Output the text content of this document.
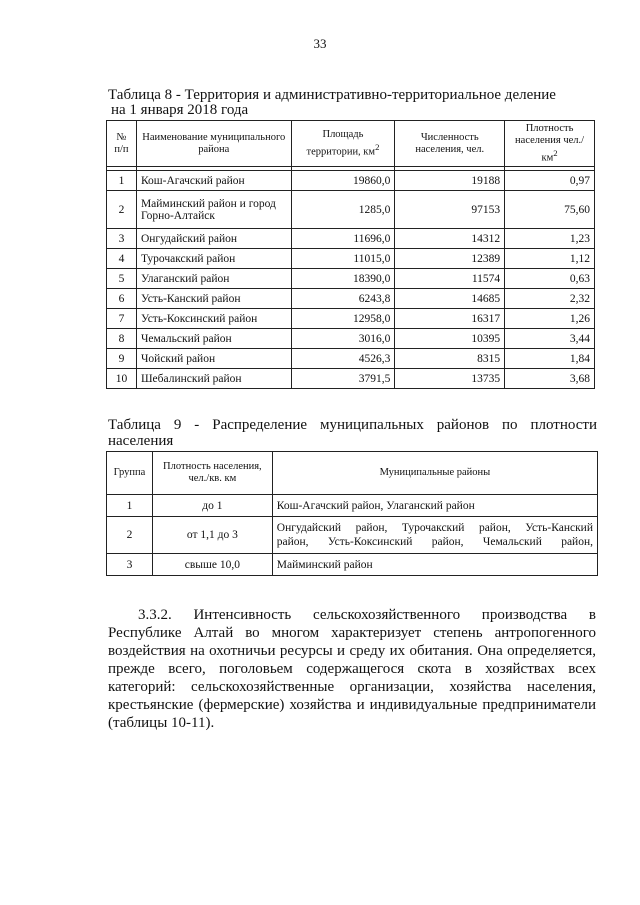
33
Таблица 8 - Территория и административно-территориальное деление
на 1 января 2018 года
№ п/п	Наименование муниципального района	Площадь территории, $км^2$	Численность населения, чел.	Плотность населения $чел./км^2$

1	Кош-Агачский район	19860,0	19188	0,97
2	Майминский район и город Горно-Алтайск	1285,0	97153	75,60
3	Онгудайский район	11696,0	14312	1,23
4	Турочакский район	11015,0	12389	1,12
5	Улаганский район	18390,0	11574	0,63
6	Усть-Канский район	6243,8	14685	2,32
7	Усть-Коксинский район	12958,0	16317	1,26
8	Чемальский район	3016,0	10395	3,44
9	Чойский район	4526,3	8315	1,84
10	Шебалинский район	3791,5	13735	3,68
Таблица 9 - Распределение муниципальных районов по плотности
населения
Группа	Плотность населения, чел./кв. км	Муниципальные районы
1	до 1	Кош-Агачский район, Улаганский район

2	от 1,1 до 3	Онгудайский район, Турочакский район, Усть-Канский
район, Усть-Коксинский район, Чемальский район,

3	свыше 10,0	Майминский район
3.3.2. Интенсивность сельскохозяйственного производства в Республике Алтай во многом характеризует степень антропогенного воздействия на охотничьи ресурсы и среду их обитания. Она определяется, прежде всего, поголовьем содержащегося скота в хозяйствах всех категорий: сельскохозяйственные организации, хозяйства населения, крестьянские (фермерские) хозяйства и индивидуальные предприниматели (таблицы 10-11).
